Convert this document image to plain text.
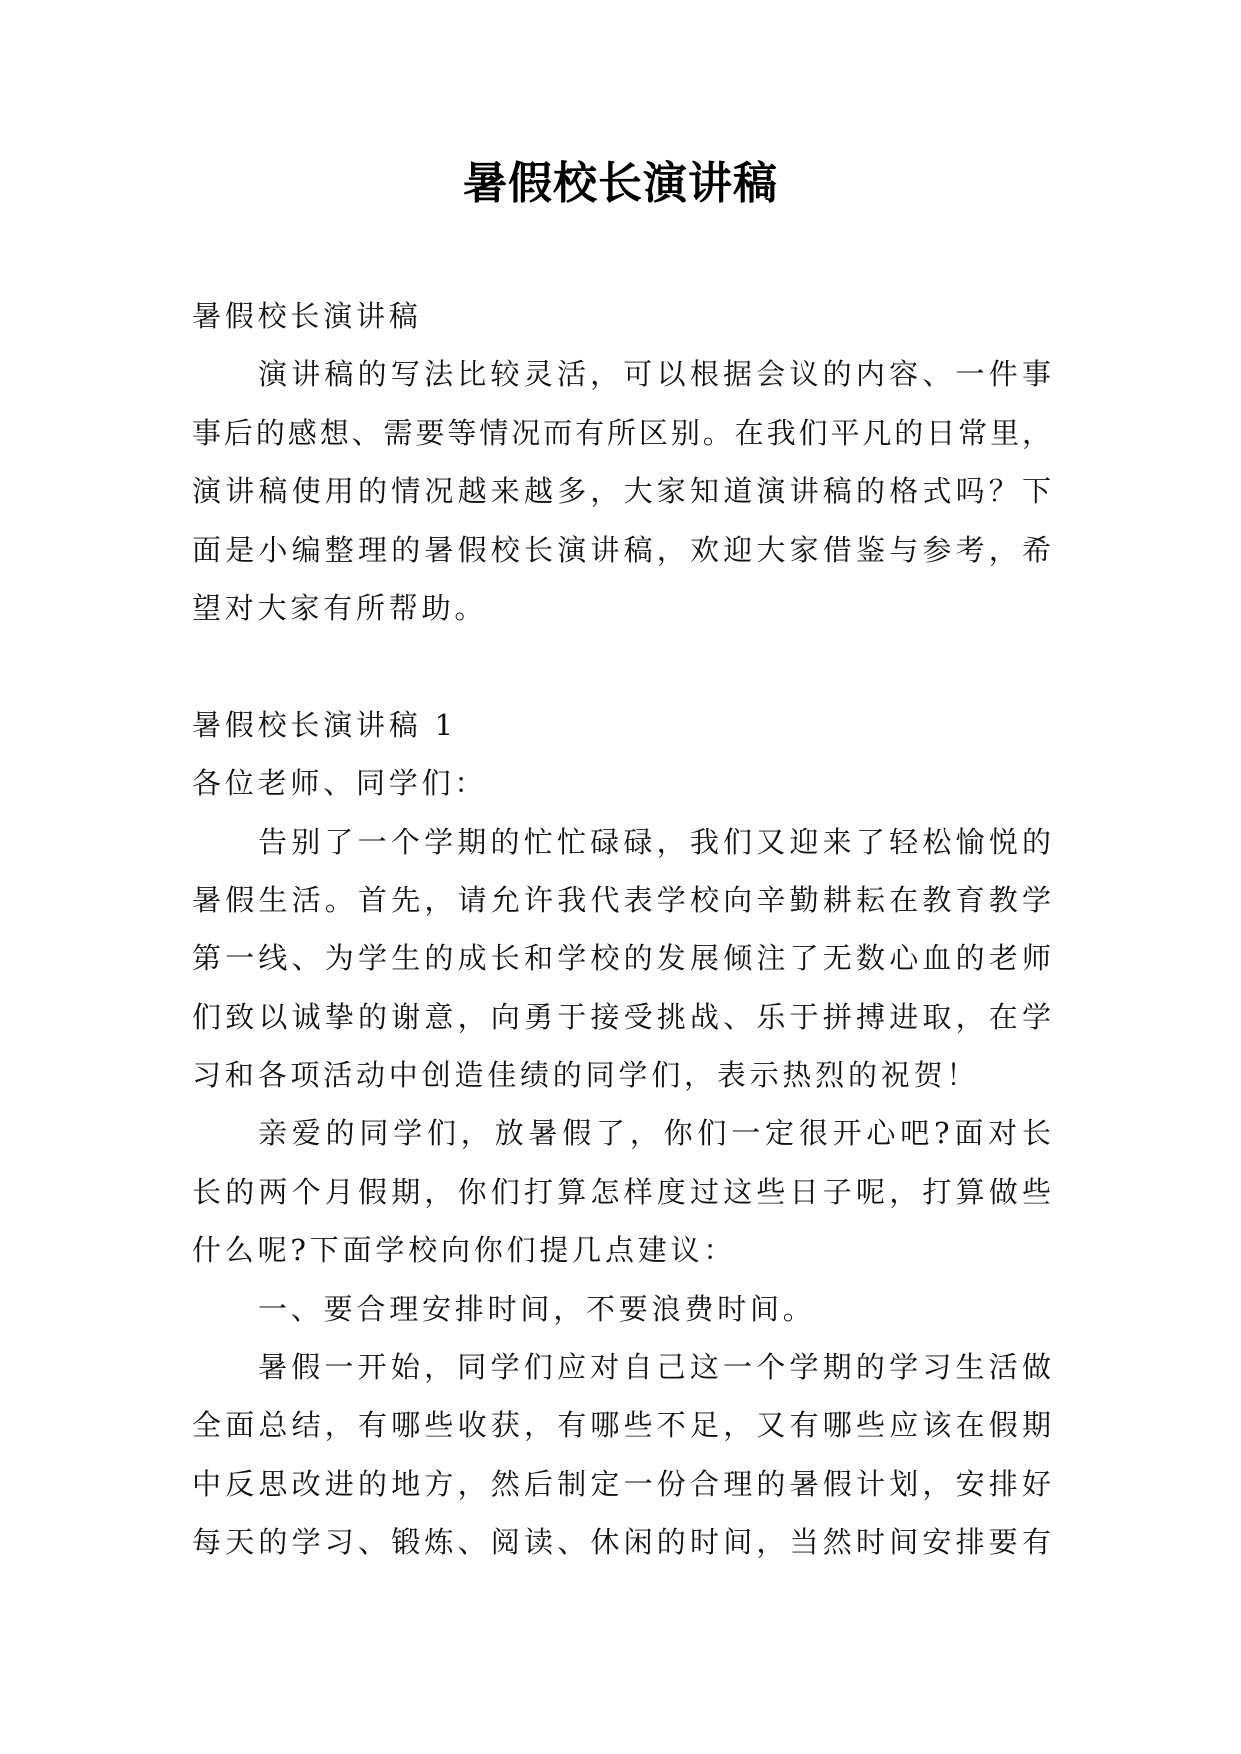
暑假校长演讲稿
暑假校长演讲稿
演讲稿的写法比较灵活，可以根据会议的内容、一件事
事后的感想、需要等情况而有所区别。在我们平凡的日常里，
演讲稿使用的情况越来越多，大家知道演讲稿的格式吗？下
面是小编整理的暑假校长演讲稿，欢迎大家借鉴与参考，希
望对大家有所帮助。
暑假校长演讲稿 1
各位老师、同学们：
告别了一个学期的忙忙碌碌，我们又迎来了轻松愉悦的
暑假生活。首先，请允许我代表学校向辛勤耕耘在教育教学
第一线、为学生的成长和学校的发展倾注了无数心血的老师
们致以诚挚的谢意，向勇于接受挑战、乐于拼搏进取，在学
习和各项活动中创造佳绩的同学们，表示热烈的祝贺！
亲爱的同学们，放暑假了，你们一定很开心吧?面对长
长的两个月假期，你们打算怎样度过这些日子呢，打算做些
什么呢?下面学校向你们提几点建议：
一、要合理安排时间，不要浪费时间。
暑假一开始，同学们应对自己这一个学期的学习生活做
全面总结，有哪些收获，有哪些不足，又有哪些应该在假期
中反思改进的地方，然后制定一份合理的暑假计划，安排好
每天的学习、锻炼、阅读、休闲的时间，当然时间安排要有
